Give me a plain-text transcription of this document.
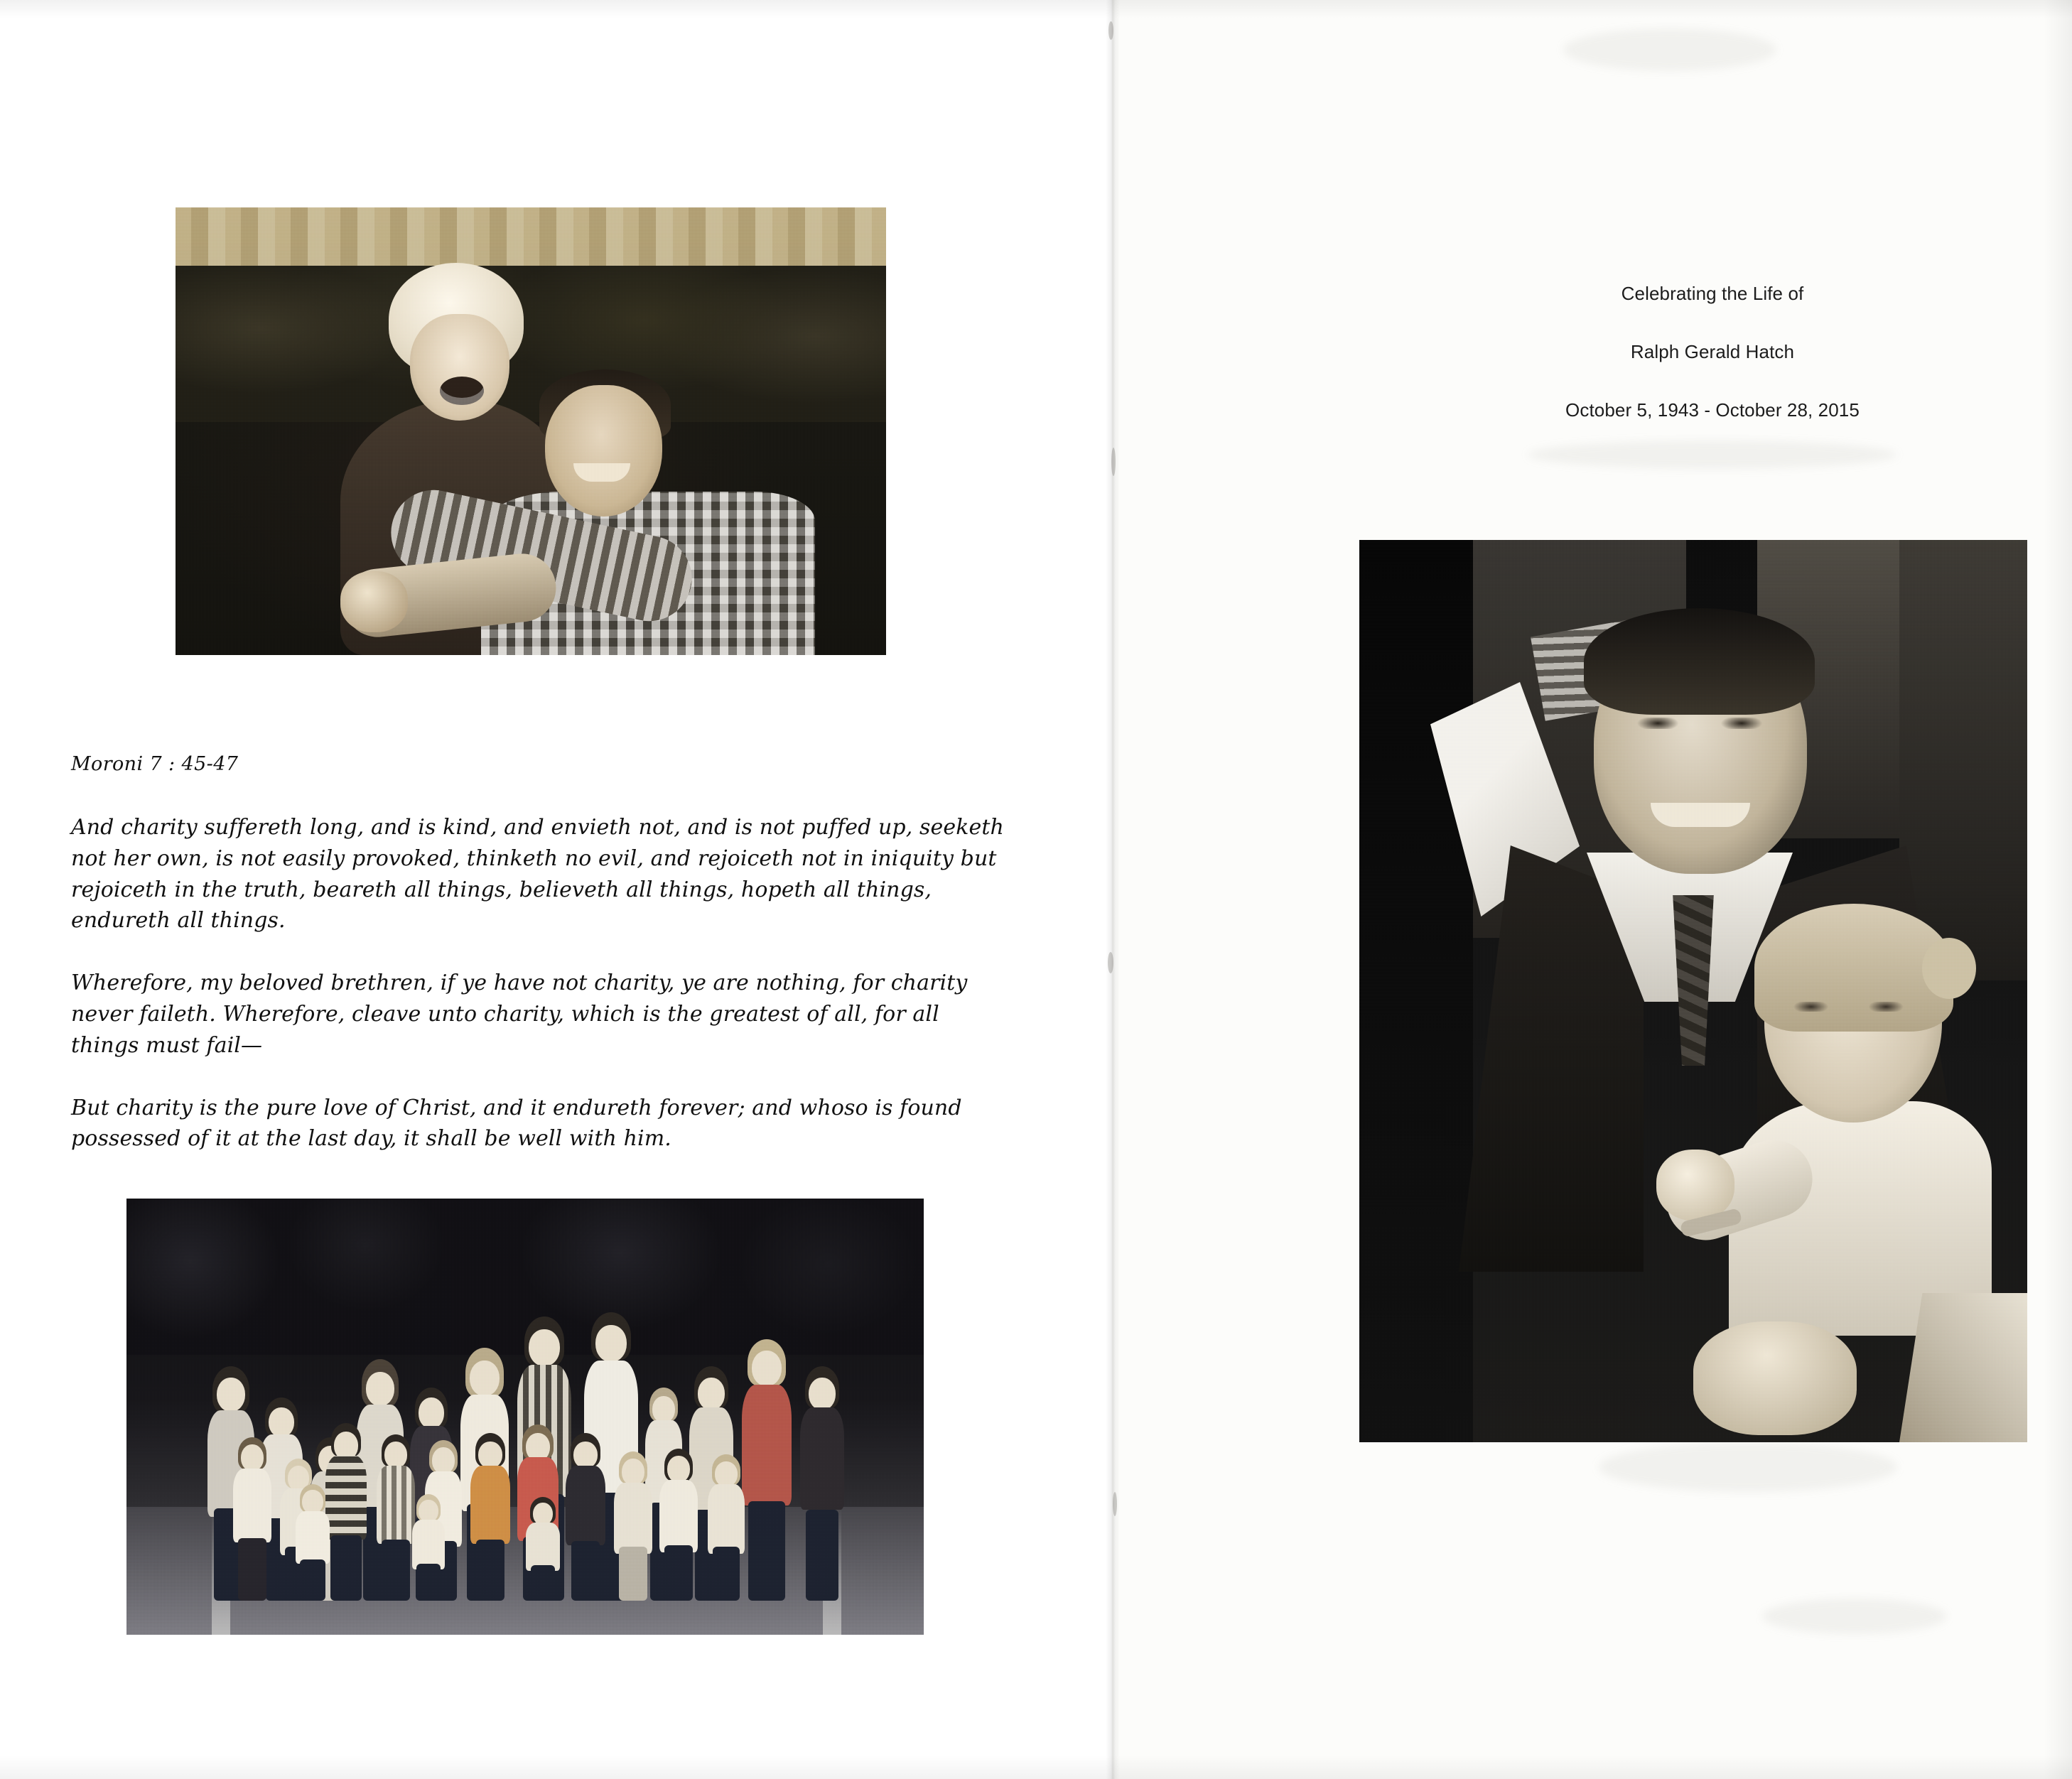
Celebrating the Life of
Ralph Gerald Hatch
October 5, 1943 - October 28, 2015
Moroni 7 : 45-47

And charity suffereth long, and is kind, and envieth not, and is not puffed up, seeketh not her own, is not easily provoked, thinketh no evil, and rejoiceth not in iniquity but rejoiceth in the truth, beareth all things, believeth all things, hopeth all things, endureth all things.

Wherefore, my beloved brethren, if ye have not charity, ye are nothing, for charity never faileth. Wherefore, cleave unto charity, which is the greatest of all, for all things must fail—

But charity is the pure love of Christ, and it endureth forever; and whoso is found possessed of it at the last day, it shall be well with him.
